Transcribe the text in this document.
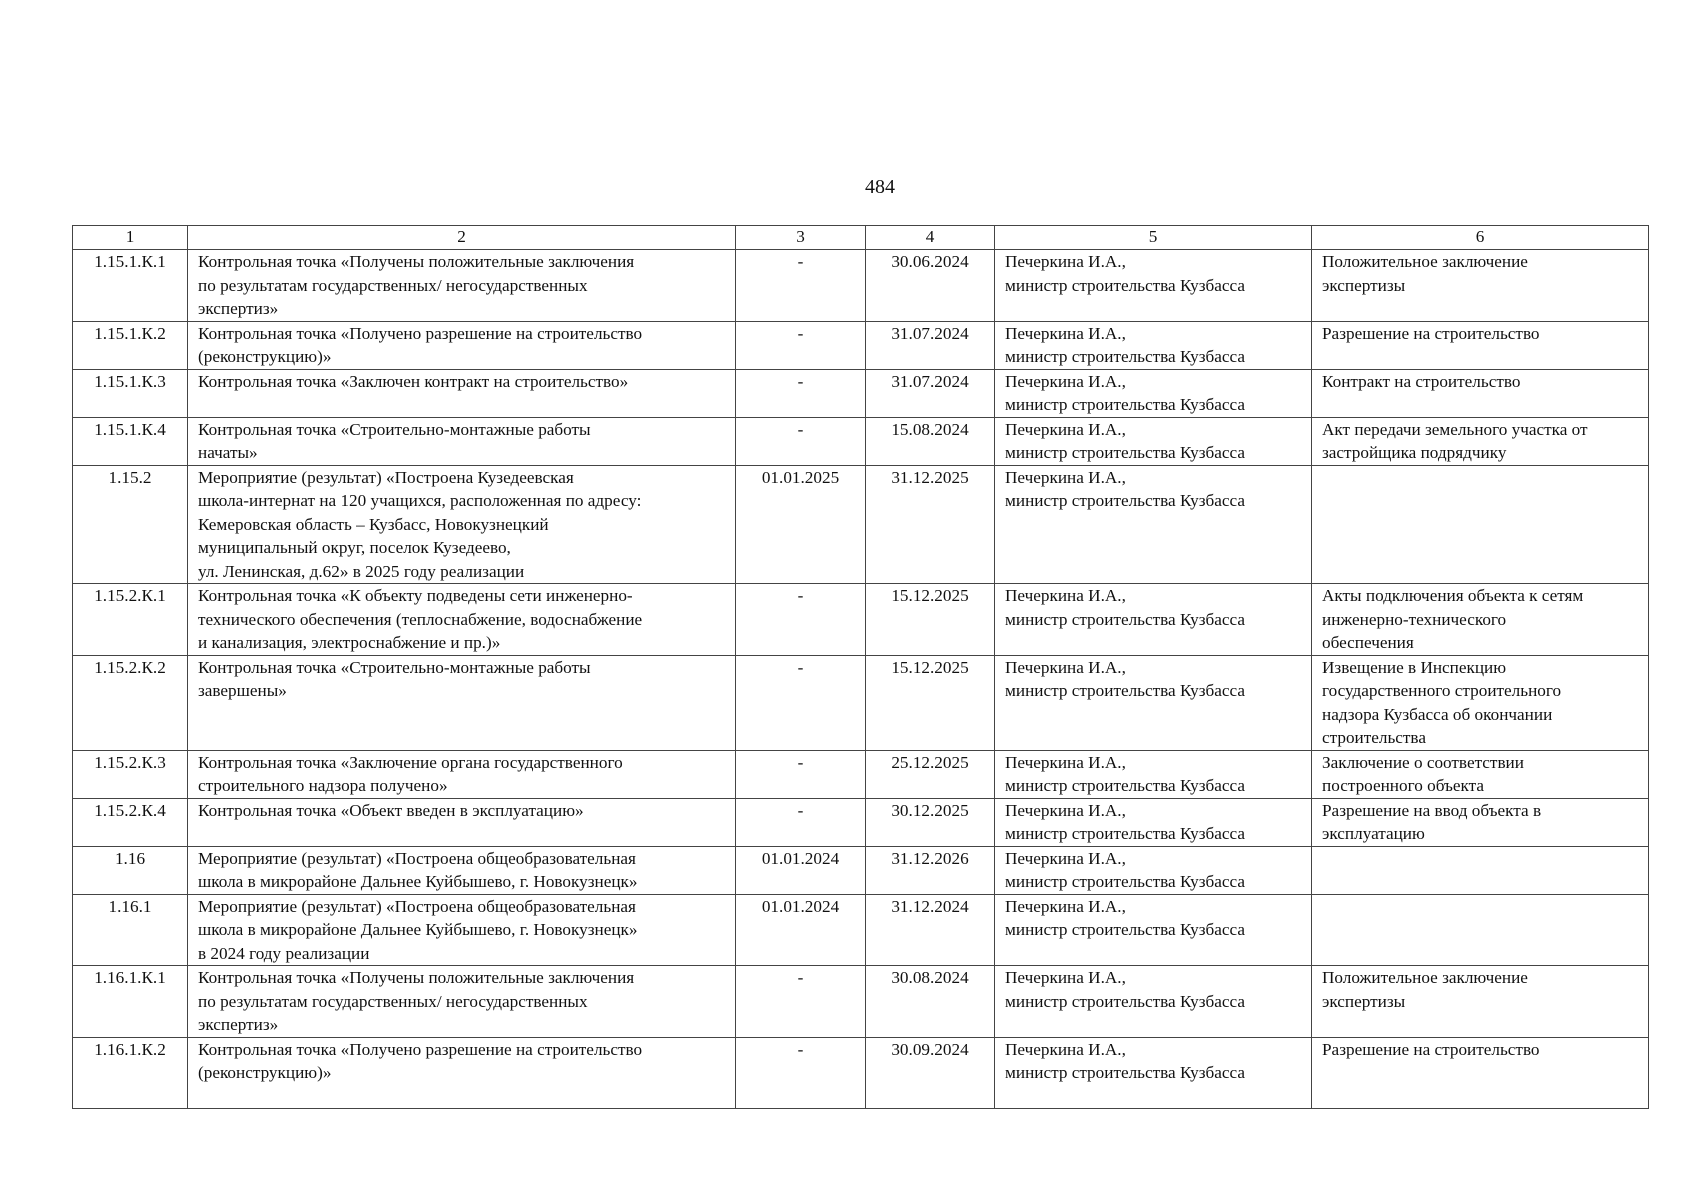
484
1	2	3	4	5	6
1.15.1.К.1	Контрольная точка «Получены положительные заключения
по результатам государственных/ негосударственных
экспертиз»	-	30.06.2024	Печеркина И.А.,
министр строительства Кузбасса	Положительное заключение
экспертизы
1.15.1.К.2	Контрольная точка «Получено разрешение на строительство
(реконструкцию)»	-	31.07.2024	Печеркина И.А.,
министр строительства Кузбасса	Разрешение на строительство
1.15.1.К.3	Контрольная точка «Заключен контракт на строительство»	-	31.07.2024	Печеркина И.А.,
министр строительства Кузбасса	Контракт на строительство
1.15.1.К.4	Контрольная точка «Строительно-монтажные работы
начаты»	-	15.08.2024	Печеркина И.А.,
министр строительства Кузбасса	Акт передачи земельного участка от
застройщика подрядчику
1.15.2	Мероприятие (результат) «Построена Кузедеевская
школа-интернат на 120 учащихся, расположенная по адресу:
Кемеровская область – Кузбасс, Новокузнецкий
муниципальный округ, поселок Кузедеево,
ул. Ленинская, д.62» в 2025 году реализации	01.01.2025	31.12.2025	Печеркина И.А.,
министр строительства Кузбасса	
1.15.2.К.1	Контрольная точка «К объекту подведены сети инженерно-
технического обеспечения (теплоснабжение, водоснабжение
и канализация, электроснабжение и пр.)»	-	15.12.2025	Печеркина И.А.,
министр строительства Кузбасса	Акты подключения объекта к сетям
инженерно-технического
обеспечения
1.15.2.К.2	Контрольная точка «Строительно-монтажные работы
завершены»	-	15.12.2025	Печеркина И.А.,
министр строительства Кузбасса	Извещение в Инспекцию
государственного строительного
надзора Кузбасса об окончании
строительства
1.15.2.К.3	Контрольная точка «Заключение органа государственного
строительного надзора получено»	-	25.12.2025	Печеркина И.А.,
министр строительства Кузбасса	Заключение о соответствии
построенного объекта
1.15.2.К.4	Контрольная точка «Объект введен в эксплуатацию»	-	30.12.2025	Печеркина И.А.,
министр строительства Кузбасса	Разрешение на ввод объекта в
эксплуатацию
1.16	Мероприятие (результат) «Построена общеобразовательная
школа в микрорайоне Дальнее Куйбышево, г. Новокузнецк»	01.01.2024	31.12.2026	Печеркина И.А.,
министр строительства Кузбасса	
1.16.1	Мероприятие (результат) «Построена общеобразовательная
школа в микрорайоне Дальнее Куйбышево, г. Новокузнецк»
в 2024 году реализации	01.01.2024	31.12.2024	Печеркина И.А.,
министр строительства Кузбасса	
1.16.1.К.1	Контрольная точка «Получены положительные заключения
по результатам государственных/ негосударственных
экспертиз»	-	30.08.2024	Печеркина И.А.,
министр строительства Кузбасса	Положительное заключение
экспертизы
1.16.1.К.2	Контрольная точка «Получено разрешение на строительство
(реконструкцию)»	-	30.09.2024	Печеркина И.А.,
министр строительства Кузбасса	Разрешение на строительство
